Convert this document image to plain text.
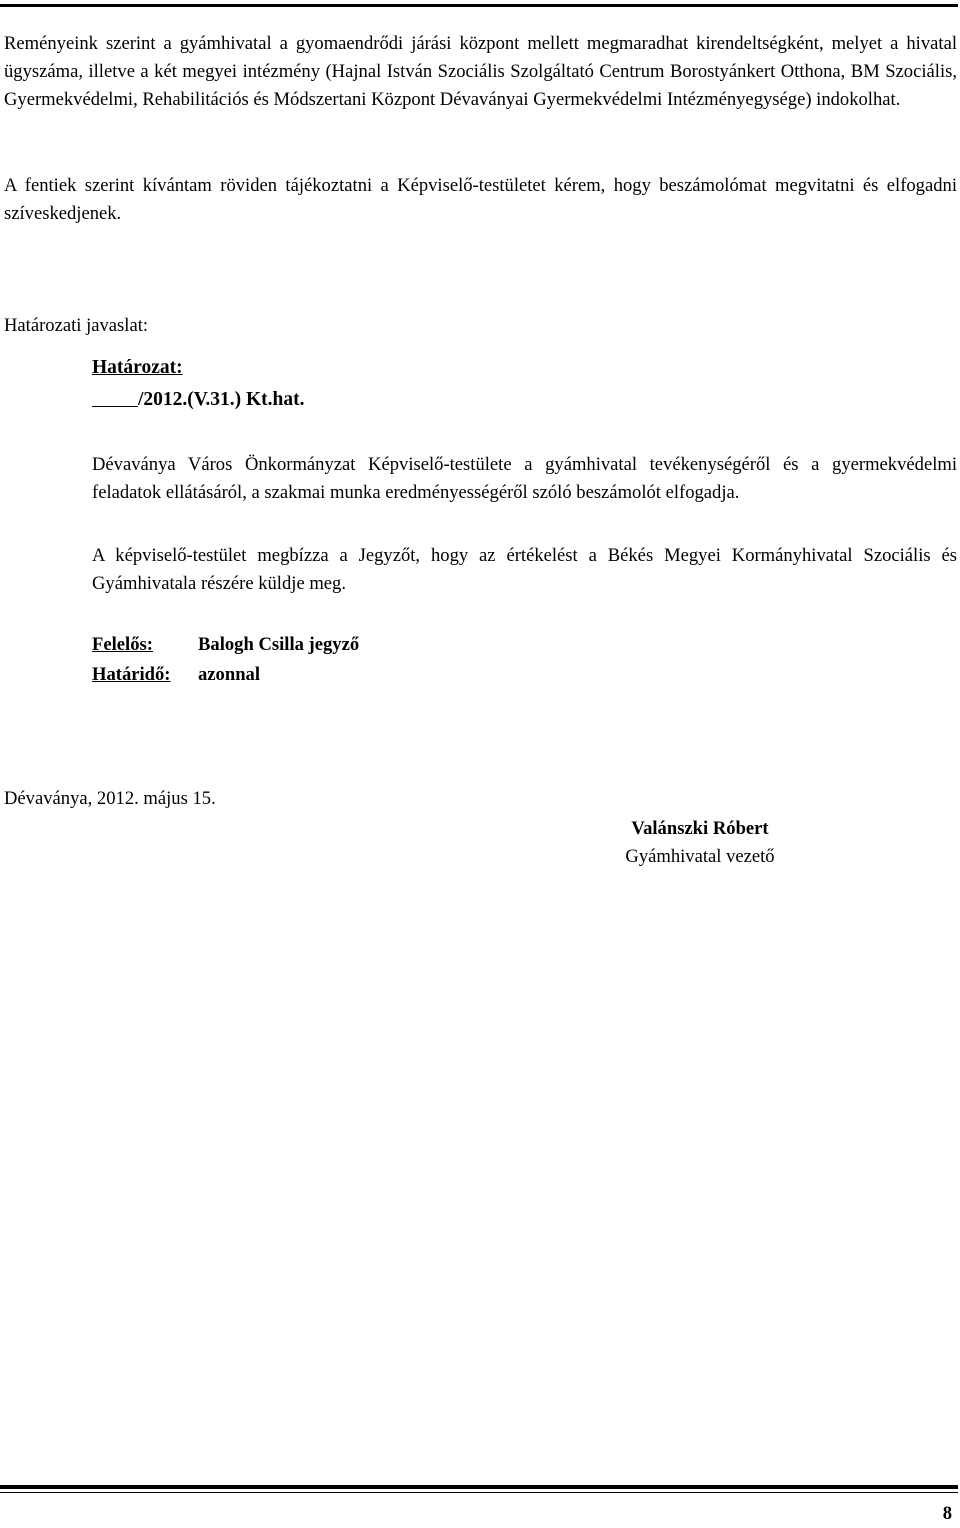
Reményeink szerint a gyámhivatal a gyomaendrődi járási központ mellett megmaradhat kirendeltségként, melyet a hivatal ügyszáma, illetve a két megyei intézmény (Hajnal István Szociális Szolgáltató Centrum Borostyánkert Otthona, BM Szociális, Gyermekvédelmi, Rehabilitációs és Módszertani Központ Dévaványai Gyermekvédelmi Intézményegysége) indokolhat.

A fentiek szerint kívántam röviden tájékoztatni a Képviselő-testületet kérem, hogy beszámolómat megvitatni és elfogadni szíveskedjenek.

Határozati javaslat:
Határozat:
/2012.(V.31.) Kt.hat.

Dévaványa Város Önkormányzat Képviselő-testülete a gyámhivatal tevékenységéről és a gyermekvédelmi feladatok ellátásáról, a szakmai munka eredményességéről szóló beszámolót elfogadja.

A képviselő-testület megbízza a Jegyzőt, hogy az értékelést a Békés Megyei Kormányhivatal Szociális és Gyámhivatala részére küldje meg.

Felelős: Balogh Csilla jegyző
Határidő: azonnal
Dévaványa, 2012. május 15.
Valánszki Róbert
Gyámhivatal vezető
8
